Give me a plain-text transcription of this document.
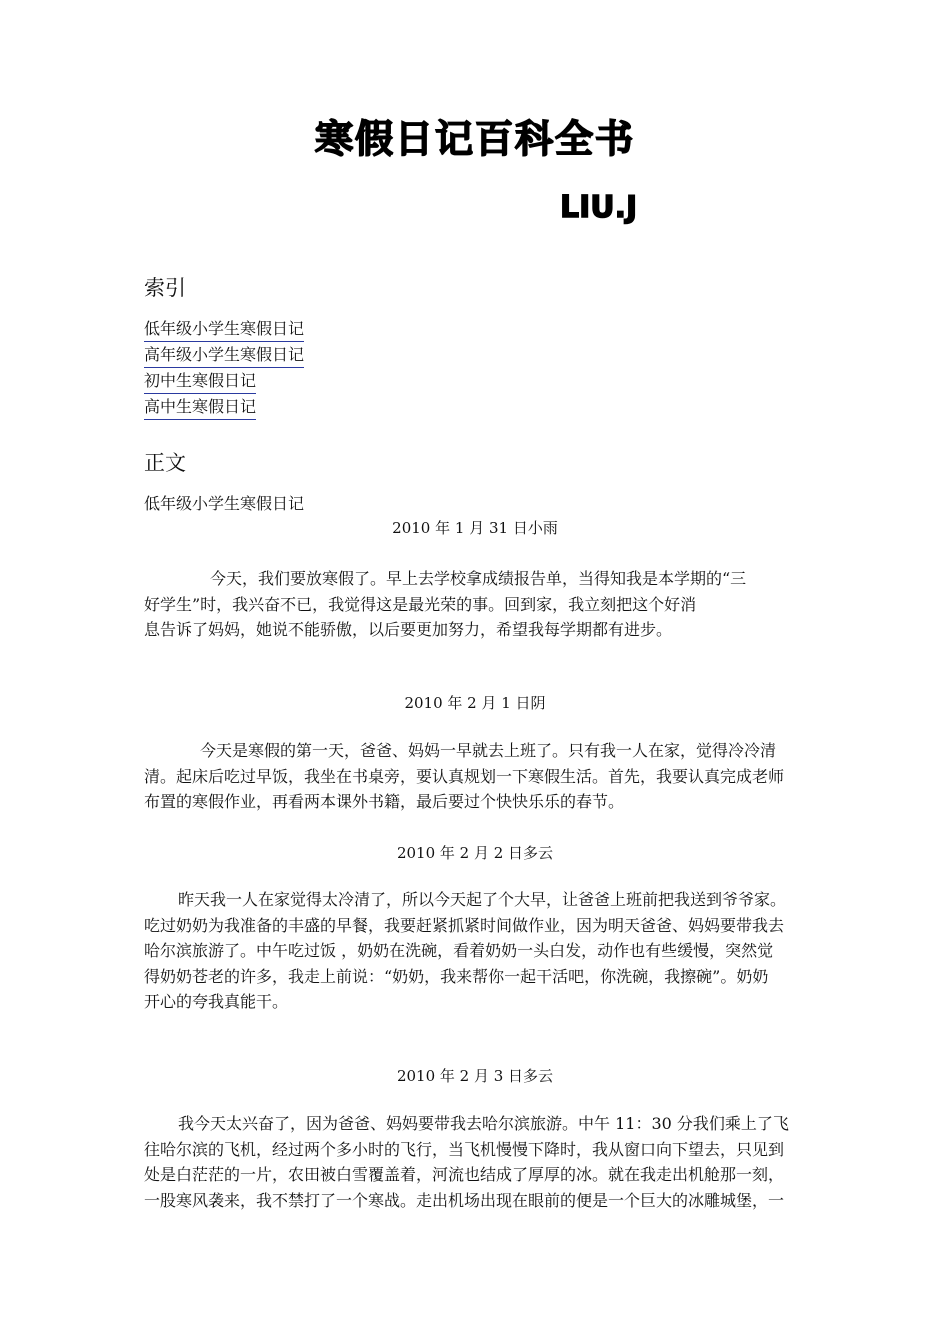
寒假日记百科全书
LIU.J
索引
低年级小学生寒假日记
高年级小学生寒假日记
初中生寒假日记
高中生寒假日记
正文
低年级小学生寒假日记
2010 年 1 月 31 日小雨
今天，我们要放寒假了。早上去学校拿成绩报告单，当得知我是本学期的“三
好学生”时，我兴奋不已，我觉得这是最光荣的事。回到家，我立刻把这个好消
息告诉了妈妈，她说不能骄傲，以后要更加努力，希望我每学期都有进步。
2010 年 2 月 1 日阴
今天是寒假的第一天，爸爸、妈妈一早就去上班了。只有我一人在家，觉得冷冷清
清。起床后吃过早饭，我坐在书桌旁，要认真规划一下寒假生活。首先，我要认真完成老师
布置的寒假作业，再看两本课外书籍，最后要过个快快乐乐的春节。
2010 年 2 月 2 日多云
昨天我一人在家觉得太冷清了，所以今天起了个大早，让爸爸上班前把我送到爷爷家。
吃过奶奶为我准备的丰盛的早餐，我要赶紧抓紧时间做作业，因为明天爸爸、妈妈要带我去
哈尔滨旅游了。中午吃过饭 ，奶奶在洗碗，看着奶奶一头白发，动作也有些缓慢，突然觉
得奶奶苍老的许多，我走上前说：“奶奶，我来帮你一起干活吧，你洗碗，我擦碗”。奶奶
开心的夸我真能干。
2010 年 2 月 3 日多云
我今天太兴奋了，因为爸爸、妈妈要带我去哈尔滨旅游。中午 11：30 分我们乘上了飞
往哈尔滨的飞机，经过两个多小时的飞行，当飞机慢慢下降时，我从窗口向下望去，只见到
处是白茫茫的一片，农田被白雪覆盖着，河流也结成了厚厚的冰。就在我走出机舱那一刻，
一股寒风袭来，我不禁打了一个寒战。走出机场出现在眼前的便是一个巨大的冰雕城堡，一
